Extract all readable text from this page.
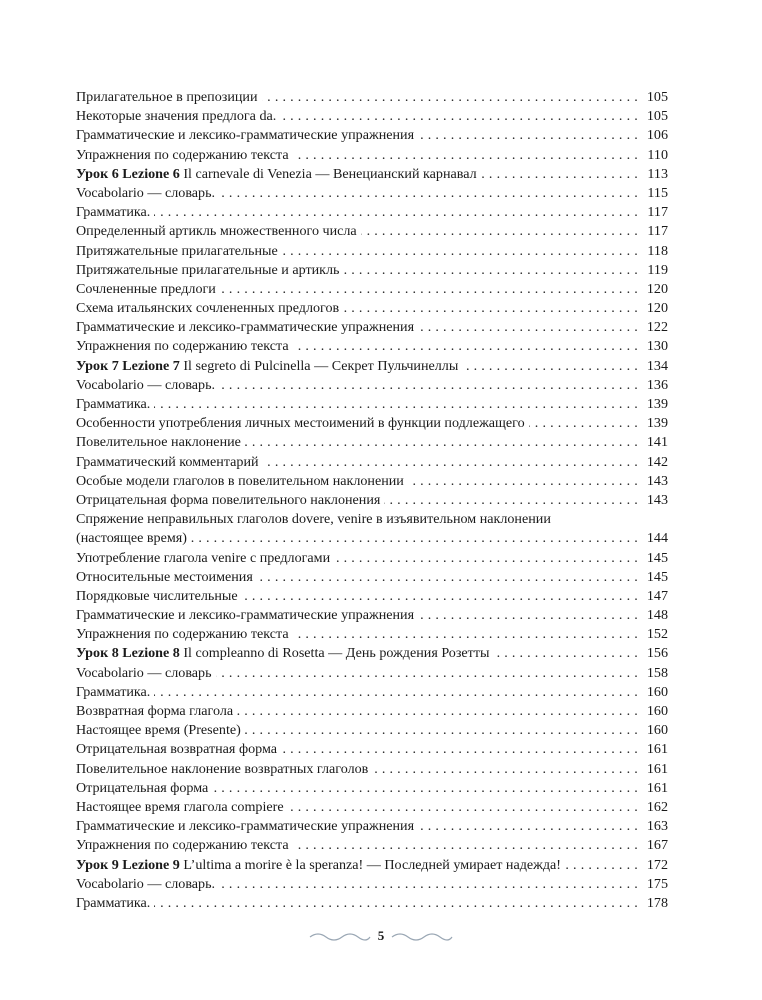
. . .
Прилагательное в препозиции	105
. . .
Некоторые значения предлога da.	105
. . .
Грамматические и лексико-грамматические упражнения	106
. . .
Упражнения по содержанию текста	110
. . .
Урок 6 Lezione 6 Il carnevale di Venezia — Венецианский карнавал	113
. . .
Vocabolario — словарь.	115
. . .
Грамматика.	117
. . .
Определенный артикль множественного числа	117
. . .
Притяжательные прилагательные	118
. . .
Притяжательные прилагательные и артикль	119
. . .
Сочлененные предлоги	120
. . .
Схема итальянских сочлененных предлогов	120
. . .
Грамматические и лексико-грамматические упражнения	122
. . .
Упражнения по содержанию текста	130
. . .
Урок 7 Lezione 7 Il segreto di Pulcinella — Секрет Пульчинеллы	134
. . .
Vocabolario — словарь.	136
. . .
Грамматика.	139
. . .
Особенности употребления личных местоимений в функции подлежащего	139
. . .
Повелительное наклонение	141
. . .
Грамматический комментарий	142
. . .
Особые модели глаголов в повелительном наклонении	143
. . .
Отрицательная форма повелительного наклонения	143
Спряжение неправильных глаголов dovere, venire в изъявительном наклонении
. . .
(настоящее время)	144
. . .
Употребление глагола venire с предлогами	145
. . .
Относительные местоимения	145
. . .
Порядковые числительные	147
. . .
Грамматические и лексико-грамматические упражнения	148
. . .
Упражнения по содержанию текста	152
. . .
Урок 8 Lezione 8 Il compleanno di Rosetta — День рождения Розетты	156
. . .
Vocabolario — словарь	158
. . .
Грамматика.	160
. . .
Возвратная форма глагола	160
. . .
Настоящее время (Presente)	160
. . .
Отрицательная возвратная форма	161
. . .
Повелительное наклонение возвратных глаголов	161
. . .
Отрицательная форма	161
. . .
Настоящее время глагола compiere	162
. . .
Грамматические и лексико-грамматические упражнения	163
. . .
Упражнения по содержанию текста	167
. . .
Урок 9 Lezione 9 L’ultima a morire è la speranza! — Последней умирает надежда!	172
. . .
Vocabolario — словарь.	175
. . .
Грамматика.	178
5
